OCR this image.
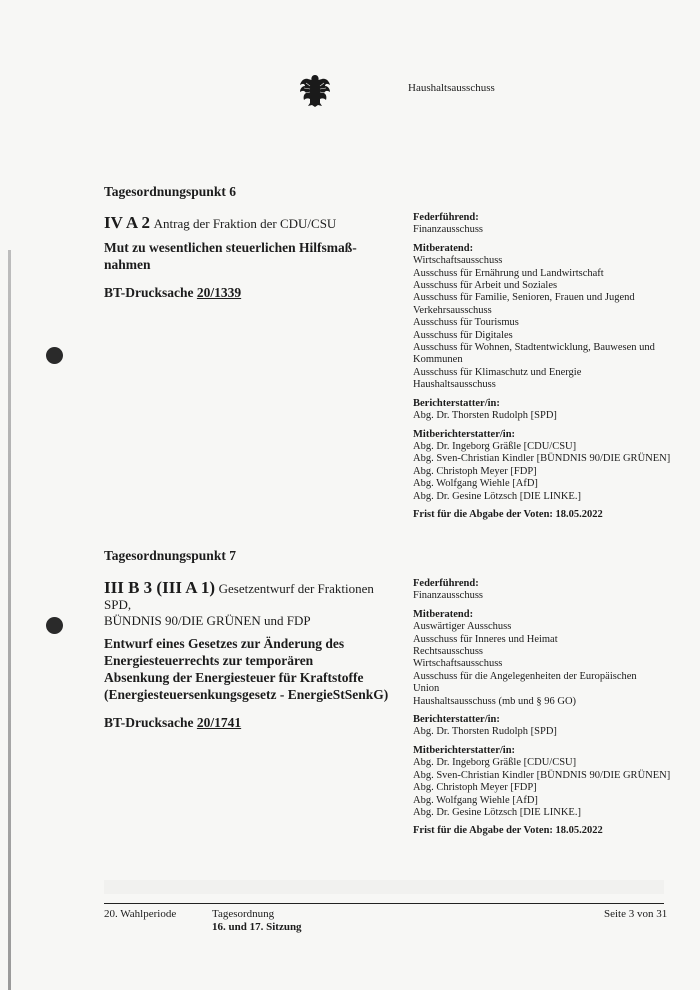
Haushaltsausschuss
Tagesordnungspunkt 6
IV A 2 Antrag der Fraktion der CDU/CSU
Mut zu wesentlichen steuerlichen Hilfsmaß-
nahmen
BT-Drucksache 20/1339
Federführend:
Finanzausschuss
Mitberatend:
Wirtschaftsausschuss
Ausschuss für Ernährung und Landwirtschaft
Ausschuss für Arbeit und Soziales
Ausschuss für Familie, Senioren, Frauen und Jugend
Verkehrsausschuss
Ausschuss für Tourismus
Ausschuss für Digitales
Ausschuss für Wohnen, Stadtentwicklung, Bauwesen und
Kommunen
Ausschuss für Klimaschutz und Energie
Haushaltsausschuss
Berichterstatter/in:
Abg. Dr. Thorsten Rudolph [SPD]
Mitberichterstatter/in:
Abg. Dr. Ingeborg Gräßle [CDU/CSU]
Abg. Sven-Christian Kindler [BÜNDNIS 90/DIE GRÜNEN]
Abg. Christoph Meyer [FDP]
Abg. Wolfgang Wiehle [AfD]
Abg. Dr. Gesine Lötzsch [DIE LINKE.]
Frist für die Abgabe der Voten: 18.05.2022
Tagesordnungspunkt 7
III B 3 (III A 1) Gesetzentwurf der Fraktionen SPD,
BÜNDNIS 90/DIE GRÜNEN und FDP
Entwurf eines Gesetzes zur Änderung des
Energiesteuerrechts zur temporären
Absenkung der Energiesteuer für Kraftstoffe
(Energiesteuersenkungsgesetz - EnergieStSenkG)
BT-Drucksache 20/1741
Federführend:
Finanzausschuss
Mitberatend:
Auswärtiger Ausschuss
Ausschuss für Inneres und Heimat
Rechtsausschuss
Wirtschaftsausschuss
Ausschuss für die Angelegenheiten der Europäischen
Union
Haushaltsausschuss (mb und § 96 GO)
Berichterstatter/in:
Abg. Dr. Thorsten Rudolph [SPD]
Mitberichterstatter/in:
Abg. Dr. Ingeborg Gräßle [CDU/CSU]
Abg. Sven-Christian Kindler [BÜNDNIS 90/DIE GRÜNEN]
Abg. Christoph Meyer [FDP]
Abg. Wolfgang Wiehle [AfD]
Abg. Dr. Gesine Lötzsch [DIE LINKE.]
Frist für die Abgabe der Voten: 18.05.2022
20. Wahlperiode	Tagesordnung
16. und 17. Sitzung
Seite 3 von 31
